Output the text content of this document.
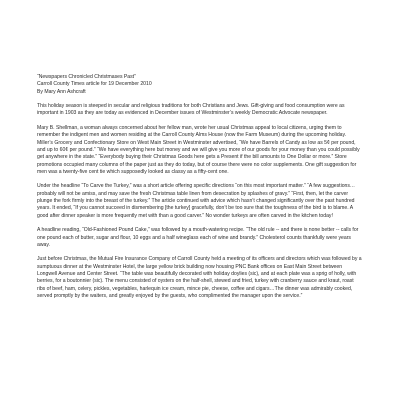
“Newspapers Chronicled Christmases Past”
Carroll County Times article for 19 December 2010
By Mary Ann Ashcraft

This holiday season is steeped in secular and religious traditions for both Christians and Jews. Gift-giving and food consumption were as important in 1903 as they are today as evidenced in December issues of Westminster’s weekly Democratic Advocate newspaper.

Mary B. Shellman, a woman always concerned about her fellow man, wrote her usual Christmas appeal to local citizens, urging them to remember the indigent men and women residing at the Carroll County Alms House (now the Farm Museum) during the upcoming holiday. Miller’s Grocery and Confectionary Store on West Main Street in Westminster advertised, “We have Barrels of Candy as low as 5¢ per pound, and up to 60¢ per pound.” “We have everything here but money and we will give you more of our goods for your money than you could possibly get anywhere in the state.” “Everybody buying their Christmas Goods here gets a Present if the bill amounts to One Dollar or more.” Store promotions occupied many columns of the paper just as they do today, but of course there were no color supplements. One gift suggestion for men was a twenty-five cent tie which supposedly looked as classy as a fifty-cent one.

Under the headline “To Carve the Turkey,” was a short article offering specific directions “on this most important matter.” “A few suggestions…probably will not be amiss, and may save the fresh Christmas table linen from desecration by splashes of gravy.” “First, then, let the carver plunge the fork firmly into the breast of the turkey.” The article continued with advice which hasn’t changed significantly over the past hundred years. It ended, “If you cannot succeed in dismembering [the turkey] gracefully, don’t be too sure that the toughness of the bird is to blame. A good after dinner speaker is more frequently met with than a good carver.” No wonder turkeys are often carved in the kitchen today!

A headline reading, “Old-Fashioned Pound Cake,” was followed by a mouth-watering recipe. “The old rule -- and there is none better -- calls for one pound each of butter, sugar and flour, 10 eggs and a half wineglass each of wine and brandy.” Cholesterol counts thankfully were years away.

Just before Christmas, the Mutual Fire Insurance Company of Carroll County held a meeting of its officers and directors which was followed by a sumptuous dinner at the Westminster Hotel, the large yellow brick building now housing PNC Bank offices on East Main Street between Longwell Avenue and Center Street. “The table was beautifully decorated with holiday doylies (sic), and at each plate was a sprig of holly, with berries, for a boutonnier (sic). The menu consisted of oysters on the half-shell, stewed and fried, turkey with cranberry sauce and kraut, roast ribs of beef, ham, celery, pickles, vegetables, harlequin ice cream, mince pie, cheese, coffee and cigars…The dinner was admirably cooked, served promptly by the waiters, and greatly enjoyed by the guests, who complimented the manager upon the service.”
